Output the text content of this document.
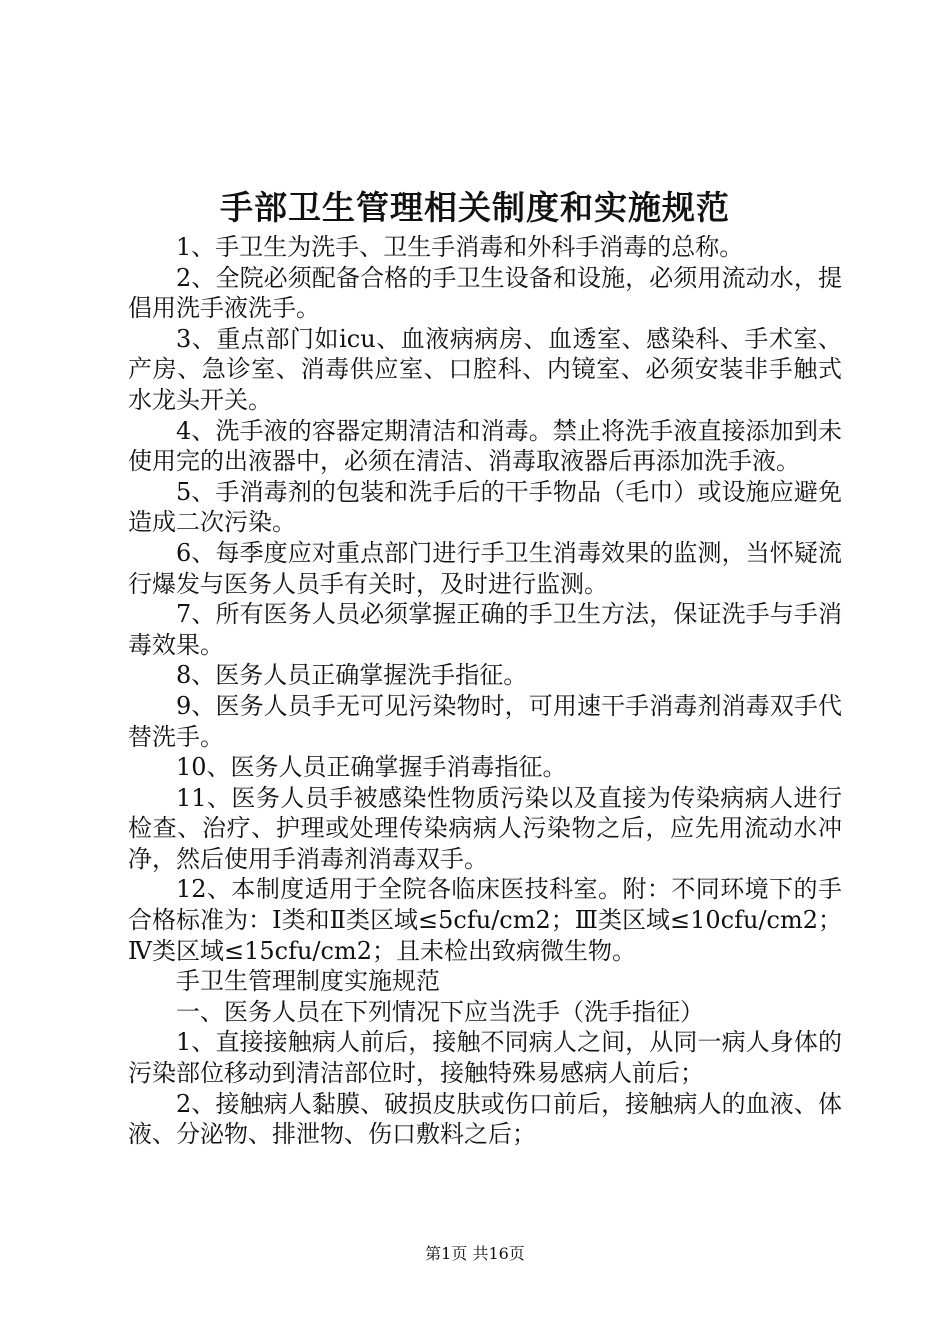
手部卫生管理相关制度和实施规范

1、手卫生为洗手、卫生手消毒和外科手消毒的总称。

2、全院必须配备合格的手卫生设备和设施，必须用流动水，提倡用洗手液洗手。

3、重点部门如icu、血液病病房、血透室、感染科、手术室、产房、急诊室、消毒供应室、口腔科、内镜室、必须安装非手触式水龙头开关。

4、洗手液的容器定期清洁和消毒。禁止将洗手液直接添加到未使用完的出液器中，必须在清洁、消毒取液器后再添加洗手液。

5、手消毒剂的包装和洗手后的干手物品（毛巾）或设施应避免造成二次污染。

6、每季度应对重点部门进行手卫生消毒效果的监测，当怀疑流行爆发与医务人员手有关时，及时进行监测。

7、所有医务人员必须掌握正确的手卫生方法，保证洗手与手消毒效果。

8、医务人员正确掌握洗手指征。

9、医务人员手无可见污染物时，可用速干手消毒剂消毒双手代替洗手。

10、医务人员正确掌握手消毒指征。

11、医务人员手被感染性物质污染以及直接为传染病病人进行检查、治疗、护理或处理传染病病人污染物之后，应先用流动水冲净，然后使用手消毒剂消毒双手。

12、本制度适用于全院各临床医技科室。附：不同环境下的手合格标准为：Ⅰ类和Ⅱ类区域≤5cfu/cm2；Ⅲ类区域≤10cfu/cm2；Ⅳ类区域≤15cfu/cm2；且未检出致病微生物。

手卫生管理制度实施规范

一、医务人员在下列情况下应当洗手（洗手指征）

1、直接接触病人前后，接触不同病人之间，从同一病人身体的污染部位移动到清洁部位时，接触特殊易感病人前后；

2、接触病人黏膜、破损皮肤或伤口前后，接触病人的血液、体液、分泌物、排泄物、伤口敷料之后；

第1页 共16页
